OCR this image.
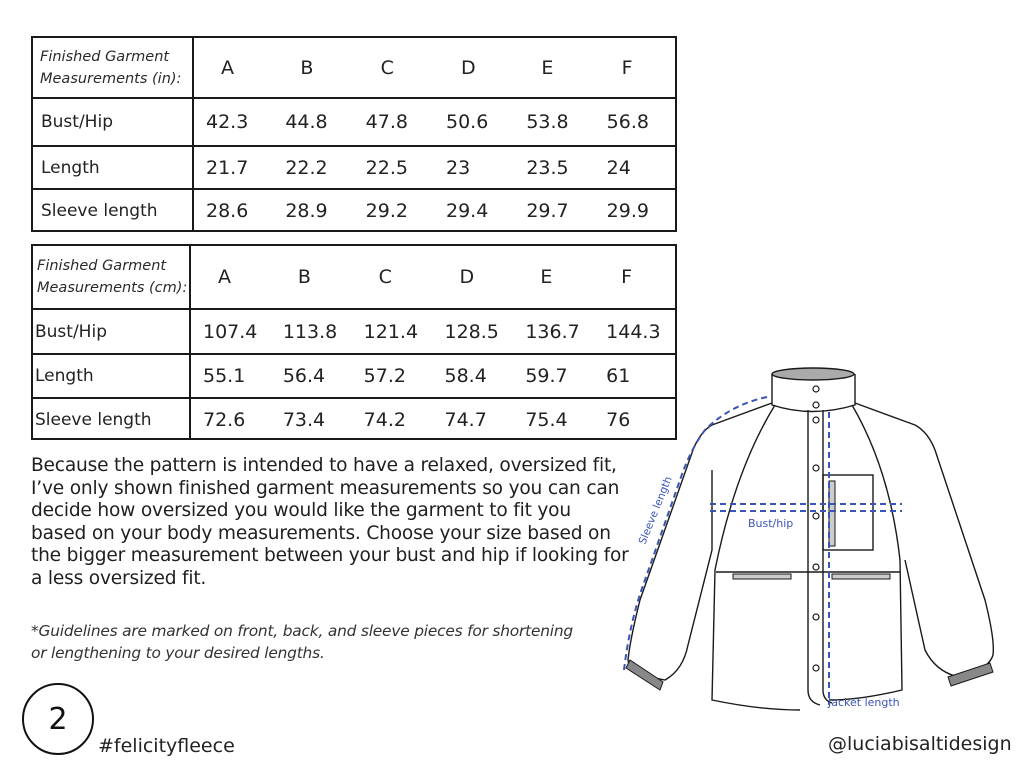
Finished Garment
Measurements (in):	A	B	C	D	E	F
Bust/Hip	42.3	44.8	47.8	50.6	53.8	56.8
Length	21.7	22.2	22.5	23	23.5	24
Sleeve length	28.6	28.9	29.2	29.4	29.7	29.9
Finished Garment
Measurements (cm):	A	B	C	D	E	F
Bust/Hip	107.4	113.8	121.4	128.5	136.7	144.3
Length	55.1	56.4	57.2	58.4	59.7	61
Sleeve length	72.6	73.4	74.2	74.7	75.4	76
Because the pattern is intended to have a relaxed, oversized fit, I’ve only shown finished garment measurements so you can can decide how oversized you would like the garment to fit you based on your body measurements. Choose your size based on the bigger measurement between your bust and hip if looking for a less oversized fit.
*Guidelines are marked on front, back, and sleeve pieces for shortening
or lengthening to your desired lengths.
Sleeve length	Bust/hip
Jacket length
2
#felicityfleece	@luciabisaltidesign
